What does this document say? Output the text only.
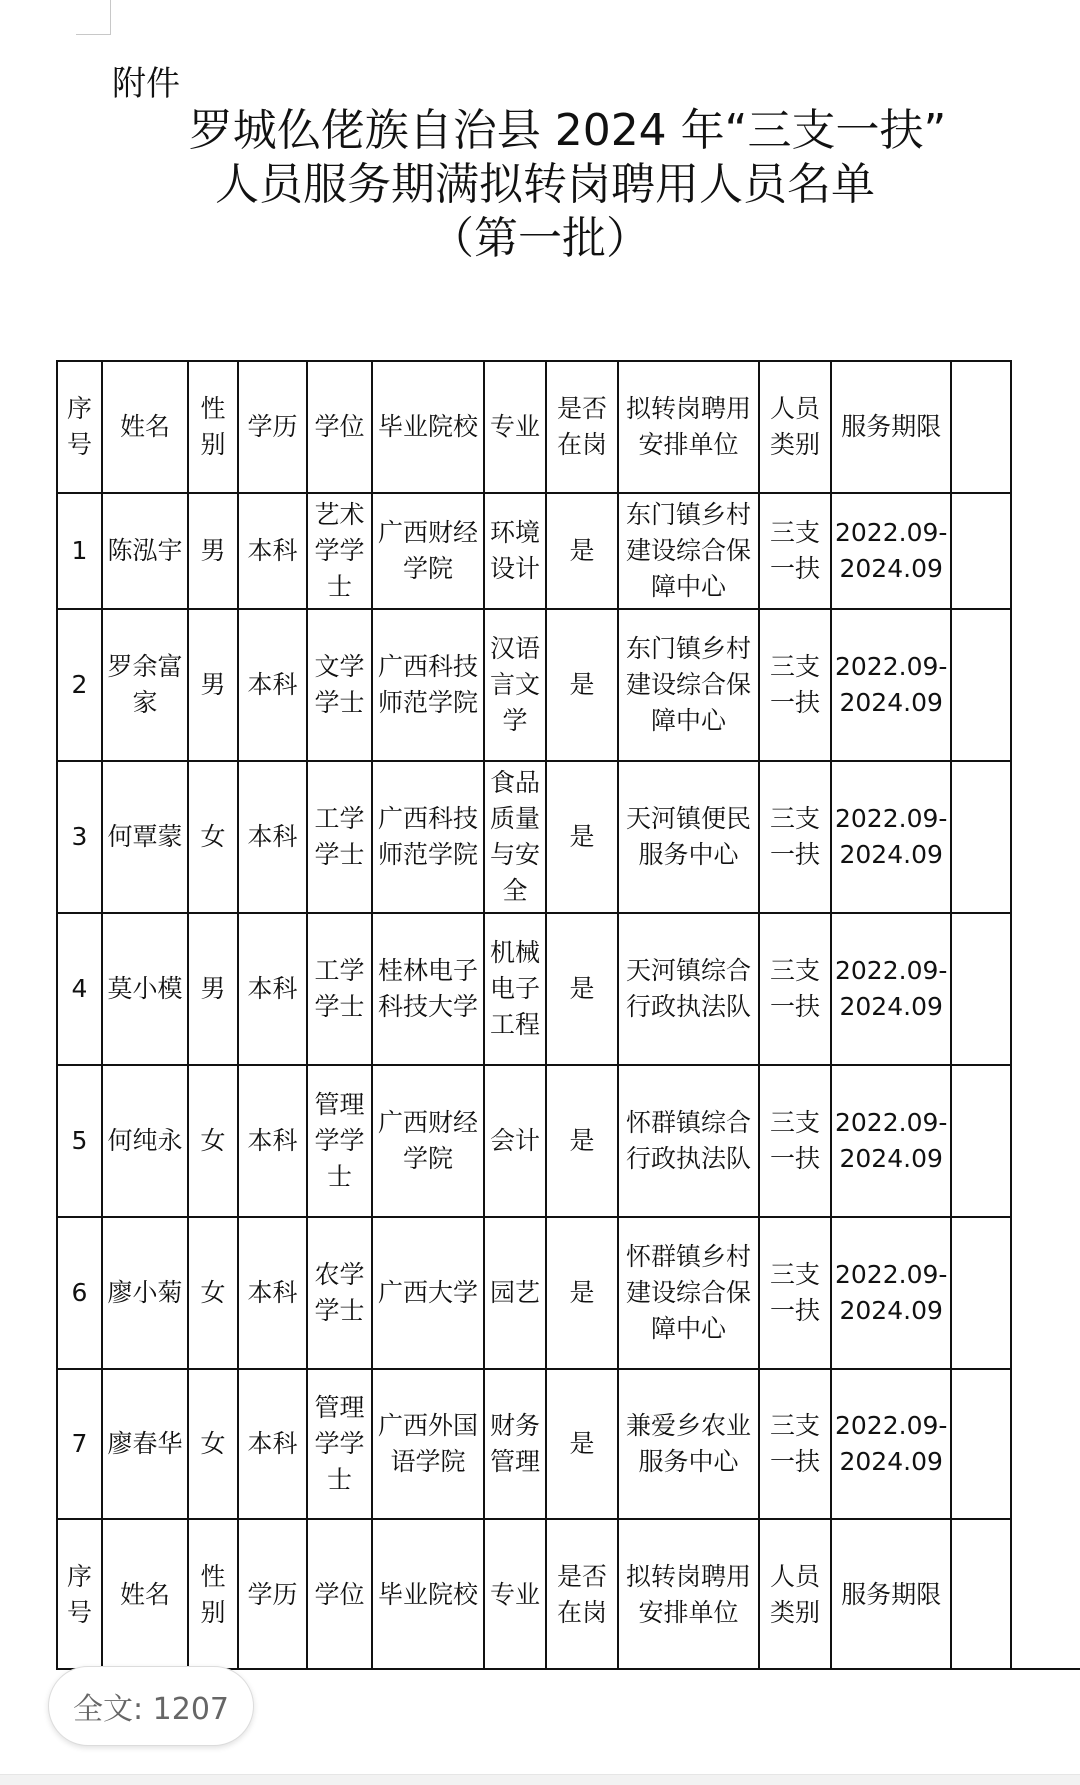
附件
罗城仫佬族自治县 2024 年“三支一扶”
人员服务期满拟转岗聘用人员名单
（第一批）
序
号	姓名	性
别	学历	学位	毕业院校	专业	是否
在岗	拟转岗聘用
安排单位	人员
类别	服务期限	
1	陈泓宇	男	本科	艺术
学学
士	广西财经
学院	环境
设计	是	东门镇乡村
建设综合保
障中心	三支
一扶	2022.09-
2024.09	
2	罗余富
家	男	本科	文学
学士	广西科技
师范学院	汉语
言文
学	是	东门镇乡村
建设综合保
障中心	三支
一扶	2022.09-
2024.09	
3	何覃蒙	女	本科	工学
学士	广西科技
师范学院	食品
质量
与安
全	是	天河镇便民
服务中心	三支
一扶	2022.09-
2024.09	
4	莫小模	男	本科	工学
学士	桂林电子
科技大学	机械
电子
工程	是	天河镇综合
行政执法队	三支
一扶	2022.09-
2024.09	
5	何纯永	女	本科	管理
学学
士	广西财经
学院	会计	是	怀群镇综合
行政执法队	三支
一扶	2022.09-
2024.09	
6	廖小菊	女	本科	农学
学士	广西大学	园艺	是	怀群镇乡村
建设综合保
障中心	三支
一扶	2022.09-
2024.09	
7	廖春华	女	本科	管理
学学
士	广西外国
语学院	财务
管理	是	兼爱乡农业
服务中心	三支
一扶	2022.09-
2024.09	
序
号	姓名	性
别	学历	学位	毕业院校	专业	是否
在岗	拟转岗聘用
安排单位	人员
类别	服务期限	
全文: 1207
